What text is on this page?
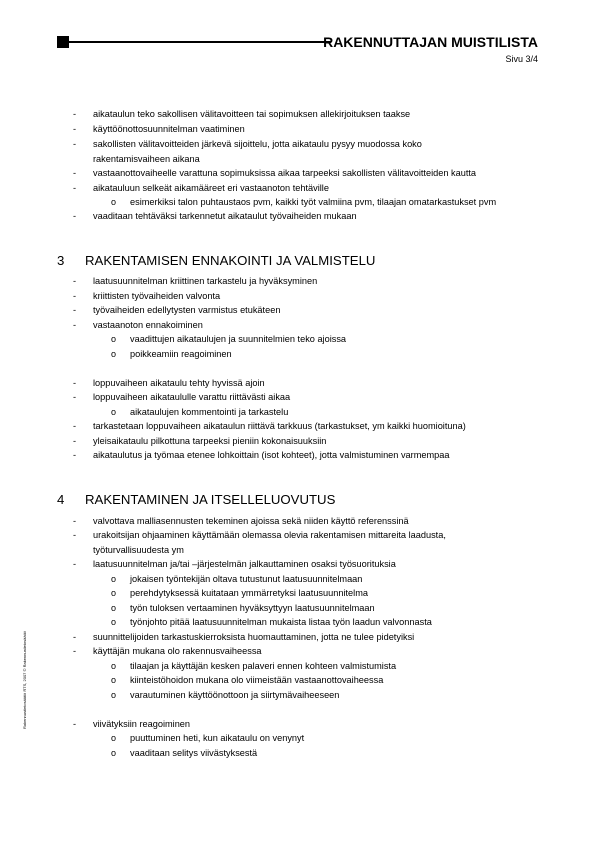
RAKENNUTTAJAN MUISTILISTA
Sivu 3/4
- aikataulun teko sakollisen välitavoitteen tai sopimuksen allekirjoituksen taakse
- käyttöönottosuunnitelman vaatiminen
- sakollisten välitavoitteiden järkevä sijoittelu, jotta aikataulu pysyy muodossa koko
rakentamisvaiheen aikana
- vastaanottovaiheelle varattuna sopimuksissa aikaa tarpeeksi sakollisten välitavoitteiden kautta
- aikatauluun selkeät aikamääreet eri vastaanoton tehtäville
o esimerkiksi talon puhtaustaos pvm, kaikki työt valmiina pvm, tilaajan omatarkastukset pvm
- vaaditaan tehtäväksi tarkennetut aikataulut työvaiheiden mukaan
3 RAKENTAMISEN ENNAKOINTI JA VALMISTELU
- laatusuunnitelman kriittinen tarkastelu ja hyväksyminen
- kriittisten työvaiheiden valvonta
- työvaiheiden edellytysten varmistus etukäteen
- vastaanoton ennakoiminen
o vaadittujen aikataulujen ja suunnitelmien teko ajoissa
o poikkeamiin reagoiminen
- loppuvaiheen aikataulu tehty hyvissä ajoin
- loppuvaiheen aikataululle varattu riittävästi aikaa
o aikataulujen kommentointi ja tarkastelu
- tarkastetaan loppuvaiheen aikataulun riittävä tarkkuus (tarkastukset, ym kaikki huomioituna)
- yleisaikataulu pilkottuna tarpeeksi pieniin kokonaisuuksiin
- aikataulutus ja työmaa etenee lohkoittain (isot kohteet), jotta valmistuminen varmempaa
4 RAKENTAMINEN JA ITSELLELUOVUTUS
- valvottava malliasennusten tekeminen ajoissa sekä niiden käyttö referenssinä
- urakoitsijan ohjaaminen käyttämään olemassa olevia rakentamisen mittareita laadusta,
työturvallisuudesta ym
- laatusuunnitelman ja/tai –järjestelmän jalkauttaminen osaksi työsuorituksia
o jokaisen työntekijän oltava tutustunut laatusuunnitelmaan
o perehdytyksessä kuitataan ymmärretyksi laatusuunnitelma
o työn tuloksen vertaaminen hyväksyttyyn laatusuunnitelmaan
o työnjohto pitää laatusuunnitelman mukaista listaa työn laadun valvonnasta
- suunnittelijoiden tarkastuskierroksista huomauttaminen, jotta ne tulee pidetyiksi
- käyttäjän mukana olo rakennusvaiheessa
o tilaajan ja käyttäjän kesken palaveri ennen kohteen valmistumista
o kiinteistöhoidon mukana olo viimeistään vastaanottovaiheessa
o varautuminen käyttöönottoon ja siirtymävaiheeseen
- viivätyksiin reagoiminen
o puuttuminen heti, kun aikataulu on venynyt
o vaaditaan selitys viivästyksestä
Rakennustietosäätiö RTS, 2007 © Rakennustietosäätiö
